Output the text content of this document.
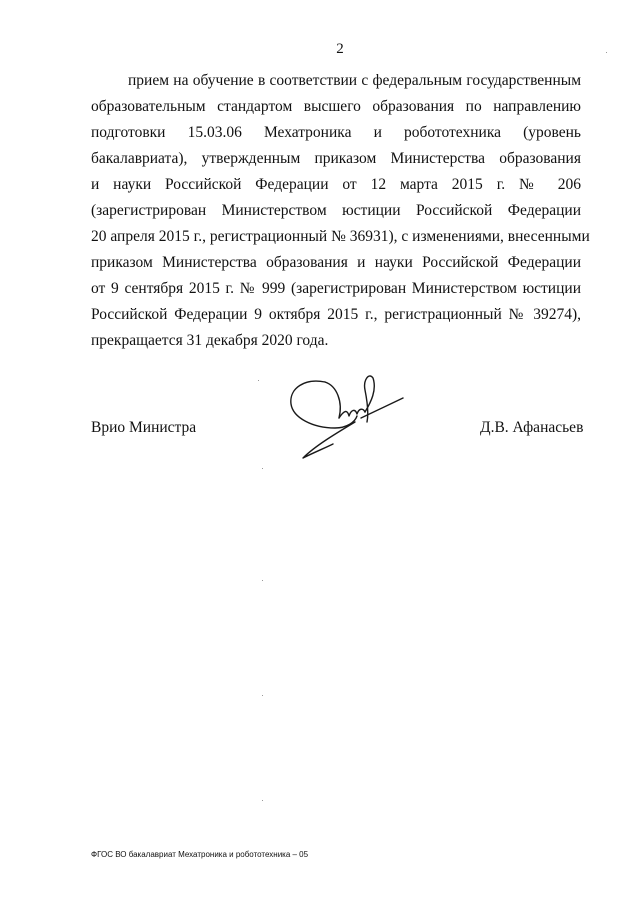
2
прием на обучение в соответствии с федеральным государственным
образовательным стандартом высшего образования по направлению
подготовки 15.03.06 Мехатроника и робототехника (уровень
бакалавриата), утвержденным приказом Министерства образования
и науки Российской Федерации от 12 марта 2015 г. № 206
(зарегистрирован Министерством юстиции Российской Федерации
20 апреля 2015 г., регистрационный № 36931), с изменениями, внесенными
приказом Министерства образования и науки Российской Федерации
от 9 сентября 2015 г. № 999 (зарегистрирован Министерством юстиции
Российской Федерации 9 октября 2015 г., регистрационный № 39274),
прекращается 31 декабря 2020 года.
Врио Министра	Д.В. Афанасьев
ФГОС ВО бакалавриат Мехатроника и робототехника – 05
